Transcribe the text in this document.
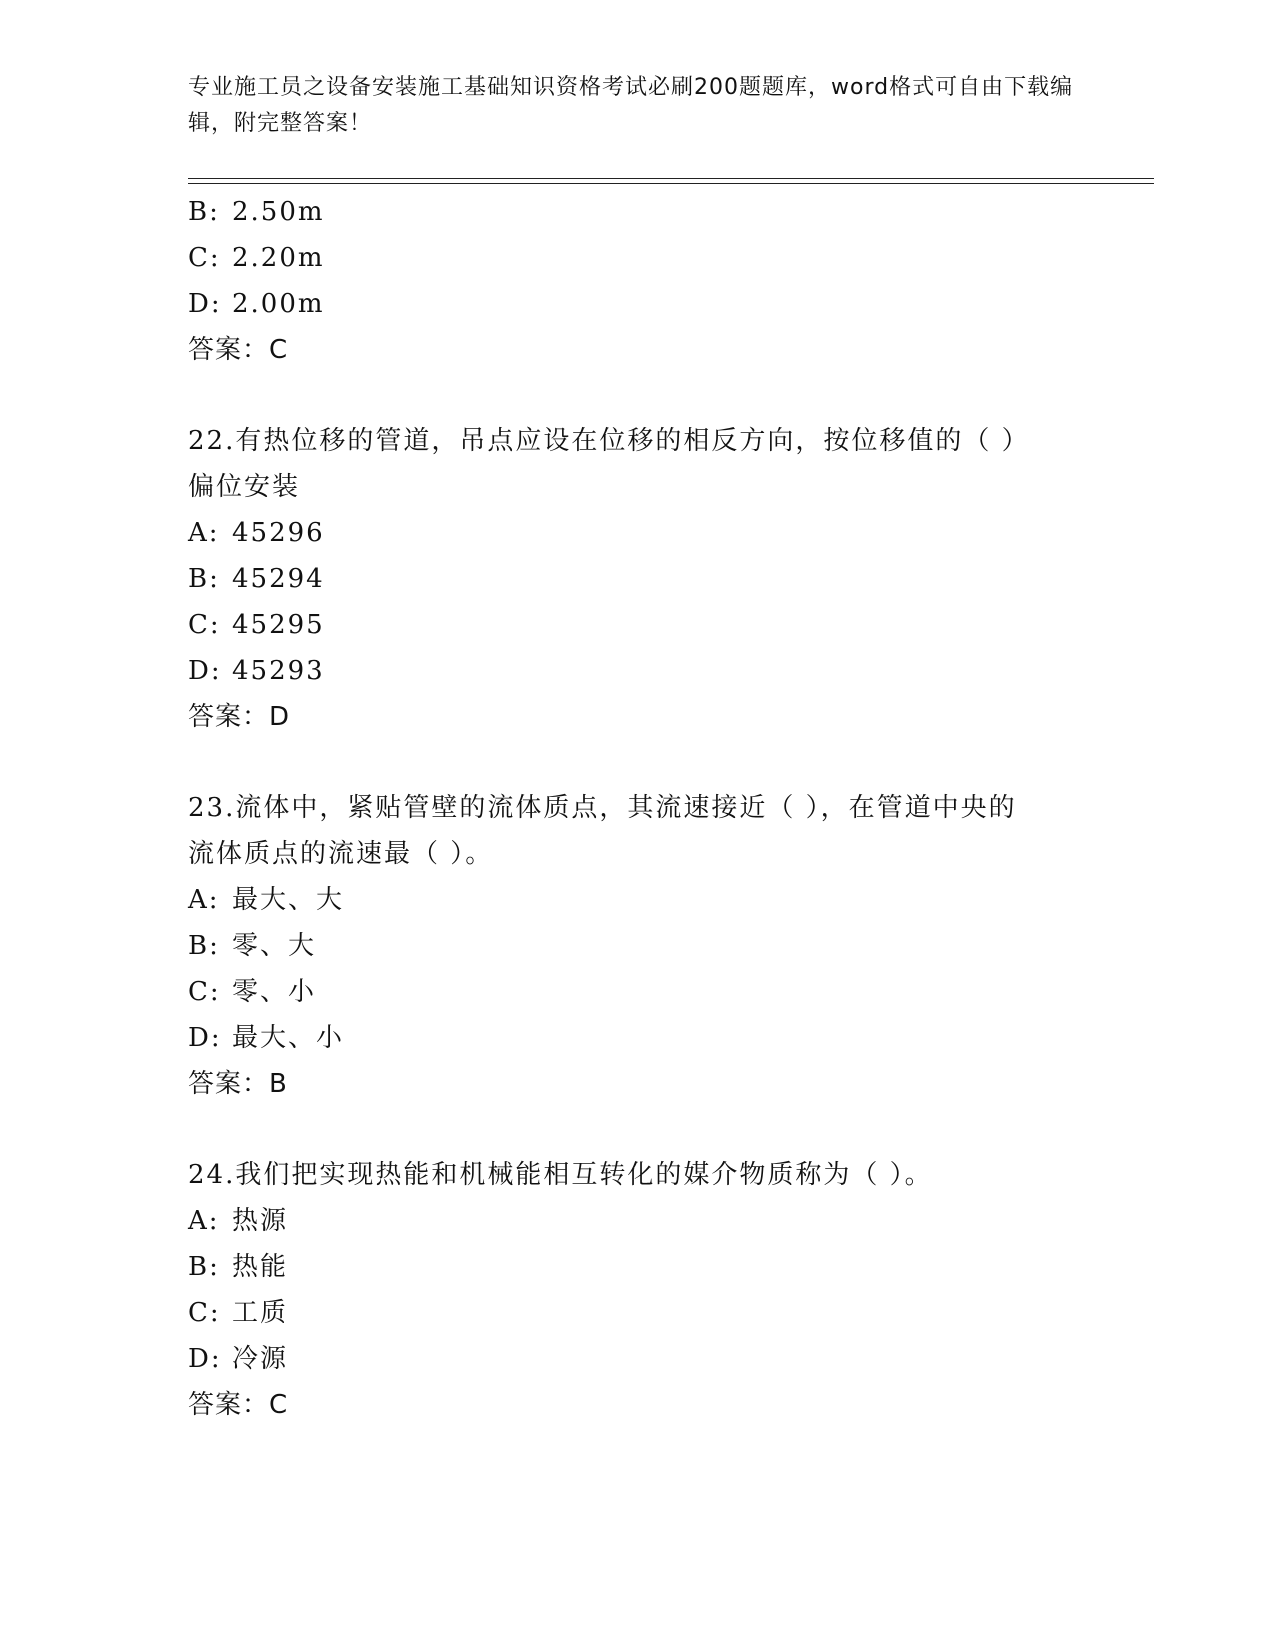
专业施工员之设备安装施工基础知识资格考试必刷200题题库，word格式可自由下载编辑，附完整答案！
B: 2.50m
C: 2.20m
D: 2.00m
答案：C
22.有热位移的管道，吊点应设在位移的相反方向，按位移值的（ ）
偏位安装
A: 45296
B: 45294
C: 45295
D: 45293
答案：D
23.流体中，紧贴管壁的流体质点，其流速接近（ ），在管道中央的
流体质点的流速最（ ）。
A: 最大、大
B: 零、大
C: 零、小
D: 最大、小
答案：B
24.我们把实现热能和机械能相互转化的媒介物质称为（ ）。
A: 热源
B: 热能
C: 工质
D: 冷源
答案：C
